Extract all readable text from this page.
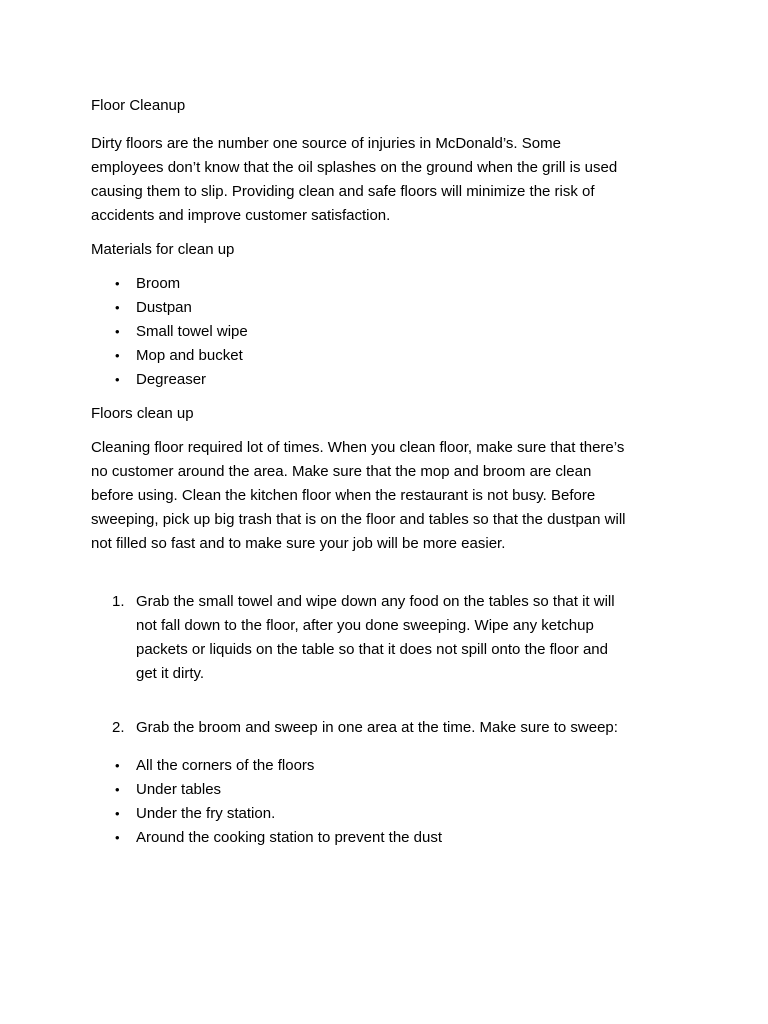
Floor Cleanup

Dirty floors are the number one source of injuries in McDonald’s. Some

employees don’t know that the oil splashes on the ground when the grill is used

causing them to slip. Providing clean and safe floors will minimize the risk of

accidents and improve customer satisfaction.

Materials for clean up

• Broom
• Dustpan
• Small towel wipe
• Mop and bucket
• Degreaser

Floors clean up

Cleaning floor required lot of times. When you clean floor, make sure that there’s

no customer around the area. Make sure that the mop and broom are clean

before using. Clean the kitchen floor when the restaurant is not busy. Before

sweeping, pick up big trash that is on the floor and tables so that the dustpan will

not filled so fast and to make sure your job will be more easier.

1. Grab the small towel and wipe down any food on the tables so that it will

not fall down to the floor, after you done sweeping. Wipe any ketchup

packets or liquids on the table so that it does not spill onto the floor and

get it dirty.

2. Grab the broom and sweep in one area at the time. Make sure to sweep:

• All the corners of the floors
• Under tables
• Under the fry station.
• Around the cooking station to prevent the dust
